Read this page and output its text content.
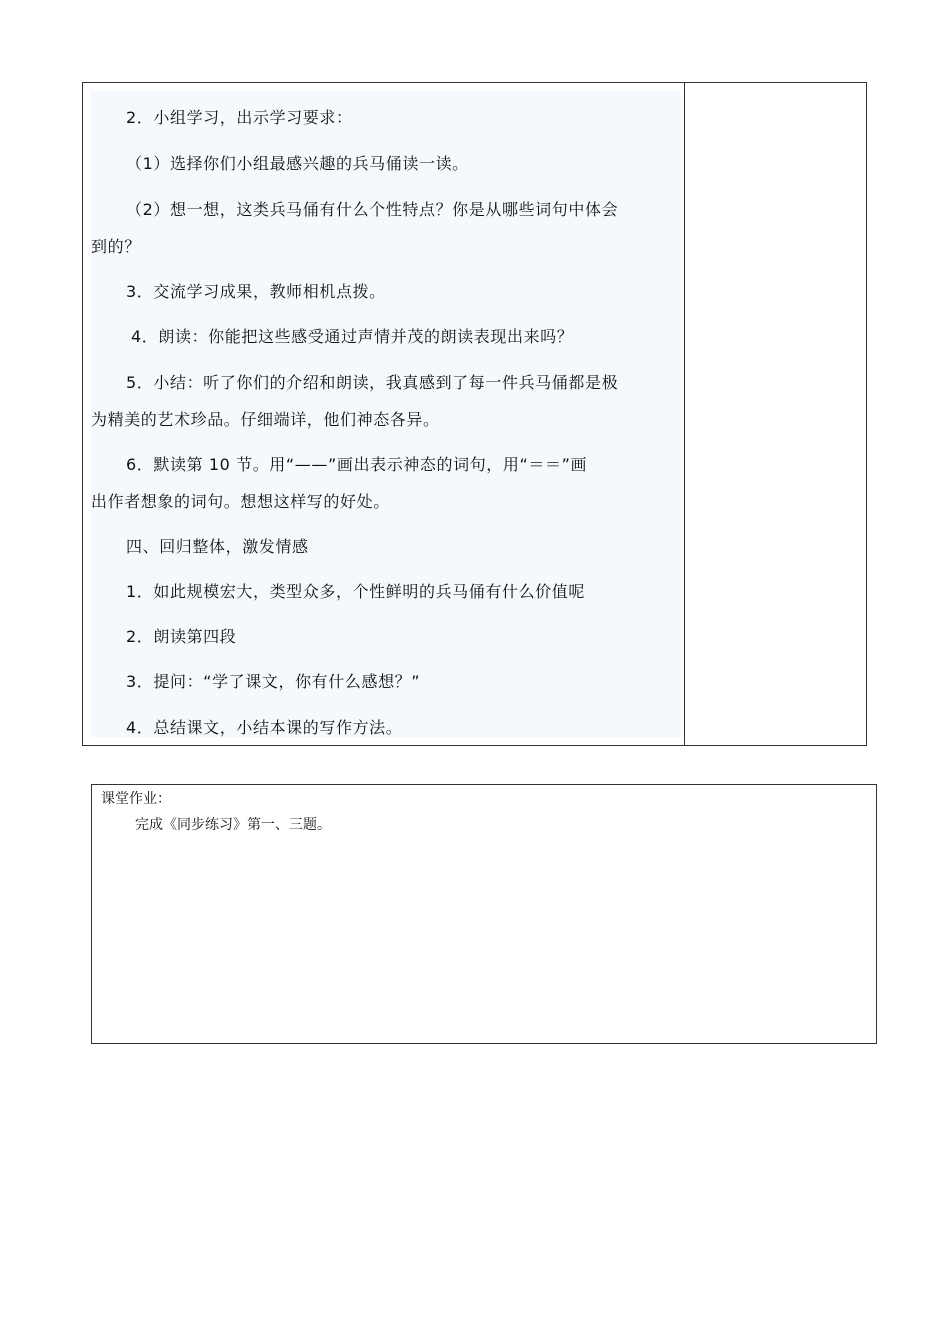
2．小组学习，出示学习要求：
（1）选择你们小组最感兴趣的兵马俑读一读。
（2）想一想，这类兵马俑有什么个性特点？你是从哪些词句中体会
到的？
3．交流学习成果，教师相机点拨。
4．朗读：你能把这些感受通过声情并茂的朗读表现出来吗？
5．小结：听了你们的介绍和朗读，我真感到了每一件兵马俑都是极
为精美的艺术珍品。仔细端详，他们神态各异。
6．默读第 10 节。用“——”画出表示神态的词句，用“＝＝”画
出作者想象的词句。想想这样写的好处。
四、回归整体，激发情感
1．如此规模宏大，类型众多，个性鲜明的兵马俑有什么价值呢
2．朗读第四段
3．提问：“学了课文，你有什么感想？”
4．总结课文，小结本课的写作方法。
课堂作业：
完成《同步练习》第一、三题。
